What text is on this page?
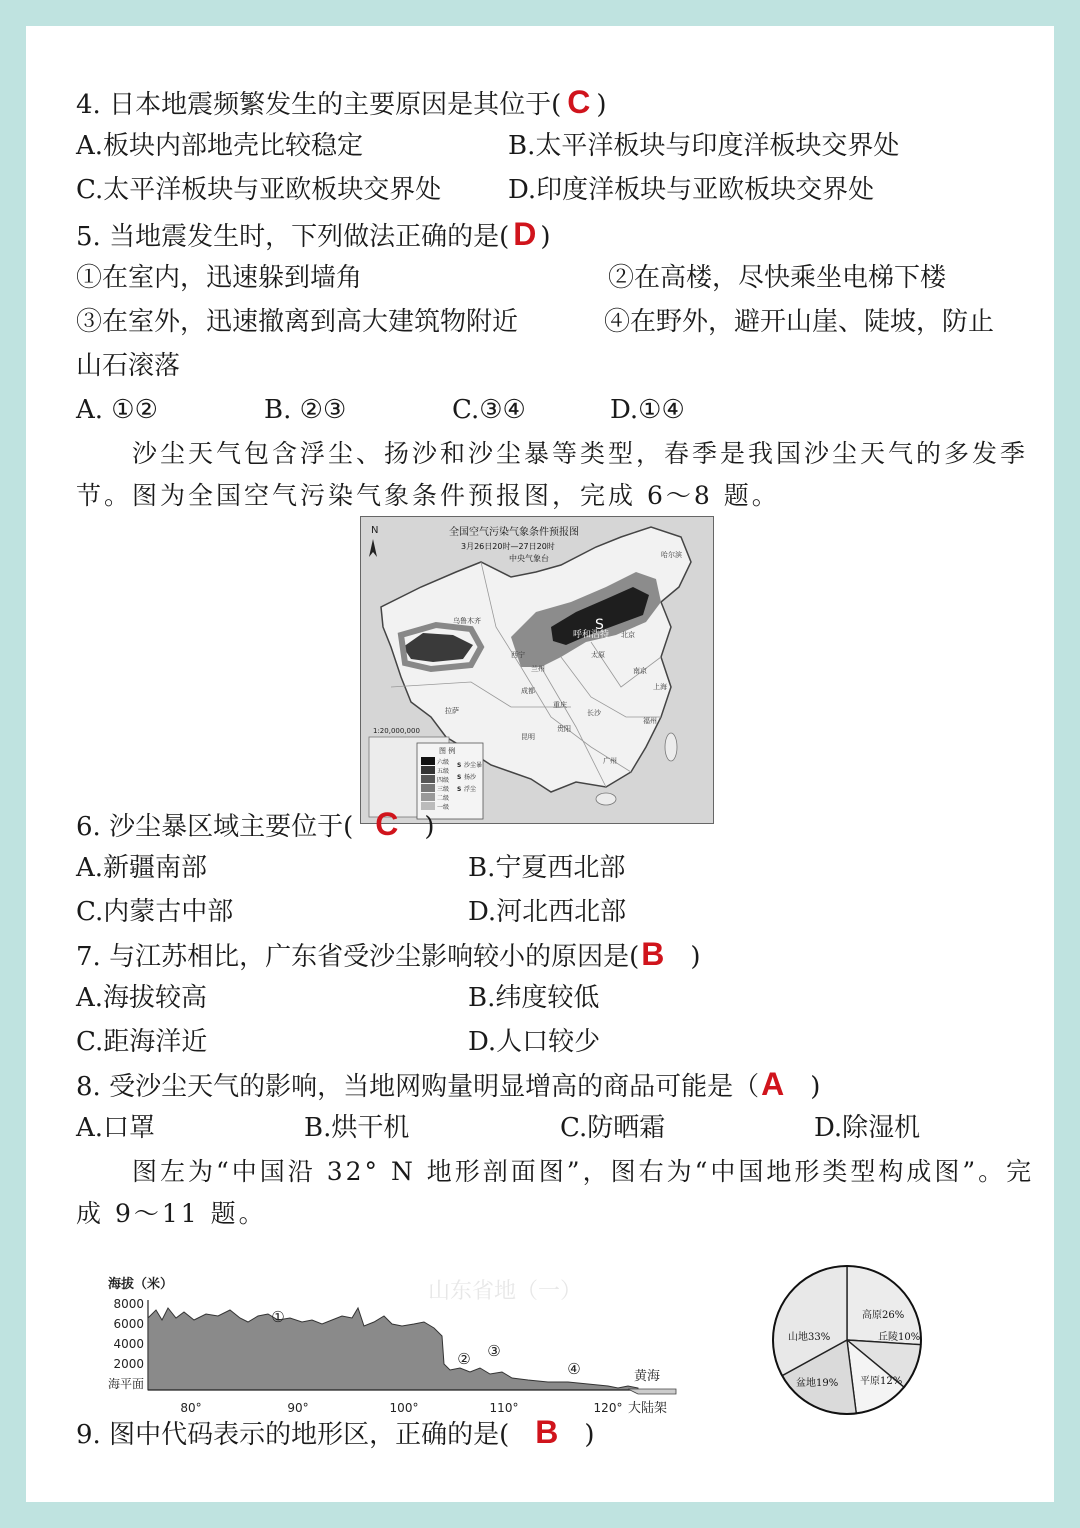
4. 日本地震频繁发生的主要原因是其位于( C )
A.板块内部地壳比较稳定	B.太平洋板块与印度洋板块交界处
C.太平洋板块与亚欧板块交界处	D.印度洋板块与亚欧板块交界处
5. 当地震发生时，下列做法正确的是( D )
①在室内，迅速躲到墙角	②在高楼，尽快乘坐电梯下楼
③在室外，迅速撤离到高大建筑物附近	④在野外，避开山崖、陡坡，防止
山石滚落
A. ①②	B. ②③	C.③④	D.①④
沙尘天气包含浮尘、扬沙和沙尘暴等类型，春季是我国沙尘天气的多发季
节。图为全国空气污染气象条件预报图，完成 6～8 题。
N	全国空气污染气象条件预报图
3月26日20时—27日20时
中央气象台
呼和浩特
S
乌鲁木齐
拉萨
成都
重庆
昆明
长沙
福州
广州
贵阳
西宁
兰州
太原
北京
上海
南京
哈尔滨
1:20,000,000
图 例
六级
五级
四级
三级
二级
一级
S 沙尘暴
S 扬沙
S 浮尘
6. 沙尘暴区域主要位于( C )
A.新疆南部	B.宁夏西北部
C.内蒙古中部	D.河北西北部
7. 与江苏相比，广东省受沙尘影响较小的原因是(B )
A.海拔较高	B.纬度较低
C.距海洋近	D.人口较少
8. 受沙尘天气的影响，当地网购量明显增高的商品可能是（A )
A.口罩	B.烘干机	C.防晒霜	D.除湿机
图左为“中国沿 32° N 地形剖面图”，图右为“中国地形类型构成图”。完
成 9～11 题。
海拔（米）	山东省地（一）
8000
6000
4000
2000
海平面
80°	90°	100°	110°	120°
①
② ③
④	黄海
大陆架
高原26%
丘陵10%
平原12%
盆地19%
山地33%
9. 图中代码表示的地形区，正确的是( B )
